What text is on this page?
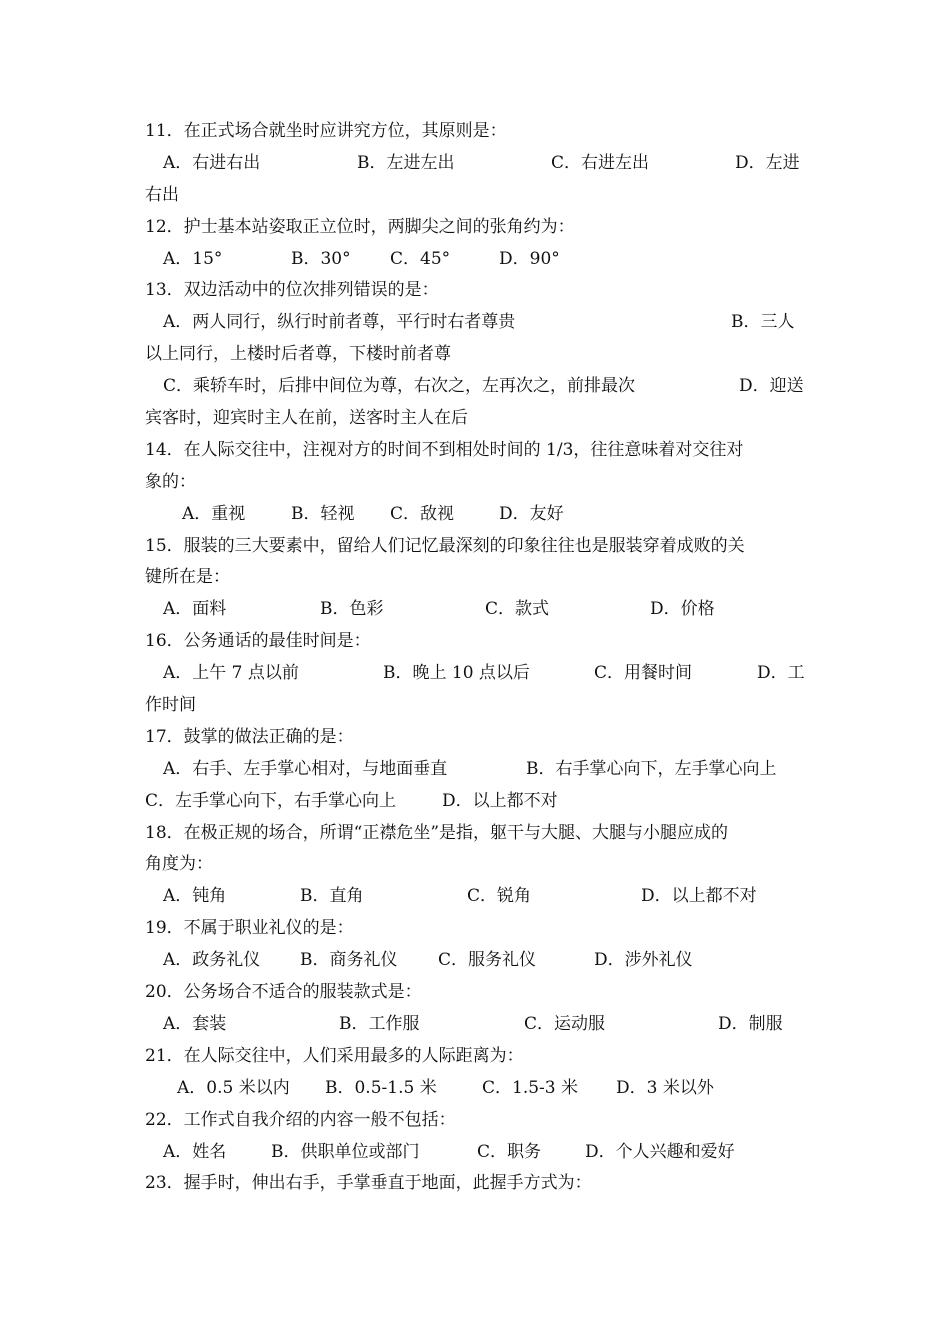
11．在正式场合就坐时应讲究方位，其原则是：
A．右进右出	B．左进左出	C．右进左出	D．左进
右出
12．护士基本站姿取正立位时，两脚尖之间的张角约为：
A．15°	B．30° C．45°	D．90°
13．双边活动中的位次排列错误的是：
A．两人同行，纵行时前者尊，平行时右者尊贵	B．三人
以上同行，上楼时后者尊，下楼时前者尊
C．乘轿车时，后排中间位为尊，右次之，左再次之，前排最次	D．迎送
宾客时，迎宾时主人在前，送客时主人在后
14．在人际交往中，注视对方的时间不到相处时间的 1/3，往往意味着对交往对
象的：
A．重视	B．轻视 C．敌视	D．友好
15．服装的三大要素中，留给人们记忆最深刻的印象往往也是服装穿着成败的关
键所在是：
A．面料	B．色彩	C．款式	D．价格
16．公务通话的最佳时间是：
A．上午 7 点以前	B．晚上 10 点以后	C．用餐时间	D．工
作时间
17．鼓掌的做法正确的是：
A．右手、左手掌心相对，与地面垂直	B．右手掌心向下，左手掌心向上
C．左手掌心向下，右手掌心向上	D．以上都不对
18．在极正规的场合，所谓“正襟危坐”是指，躯干与大腿、大腿与小腿应成的
角度为：
A．钝角	B．直角	C．锐角	D．以上都不对
19．不属于职业礼仪的是：
A．政务礼仪 B．商务礼仪 C．服务礼仪	D．涉外礼仪
20．公务场合不适合的服装款式是：
A．套装	B．工作服	C．运动服	D．制服
21．在人际交往中，人们采用最多的人际距离为：
A．0.5 米以内 B．0.5-1.5 米	C．1.5-3 米 D．3 米以外
22．工作式自我介绍的内容一般不包括：
A．姓名	B．供职单位或部门	C．职务	D．个人兴趣和爱好
23．握手时，伸出右手，手掌垂直于地面，此握手方式为：
